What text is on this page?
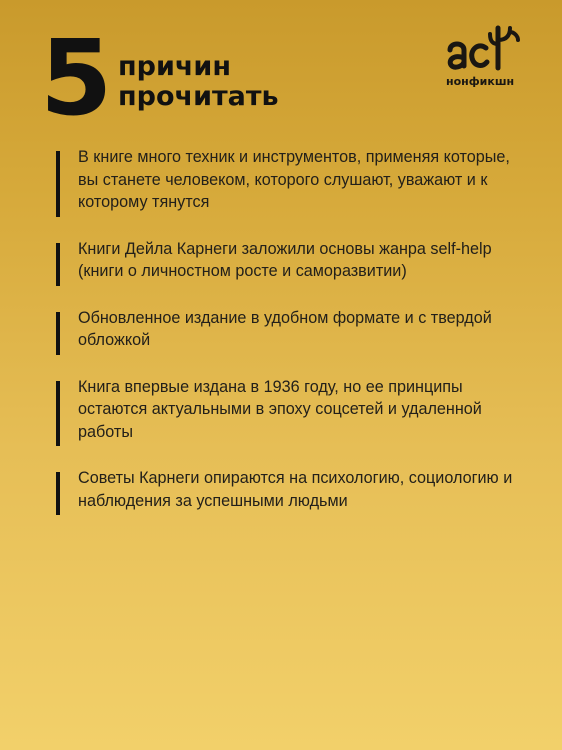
5 причин
прочитать	нонфикшн
В книге много техник и инструментов, применяя которые, вы станете человеком, которого слушают, уважают и к которому тянутся
Книги Дейла Карнеги заложили основы жанра self-help (книги о личностном росте и саморазвитии)
Обновленное издание в удобном формате и с твердой обложкой
Книга впервые издана в 1936 году, но ее принципы остаются актуальными в эпоху соцсетей и удаленной работы
Советы Карнеги опираются на психологию, социологию и наблюдения за успешными людьми
